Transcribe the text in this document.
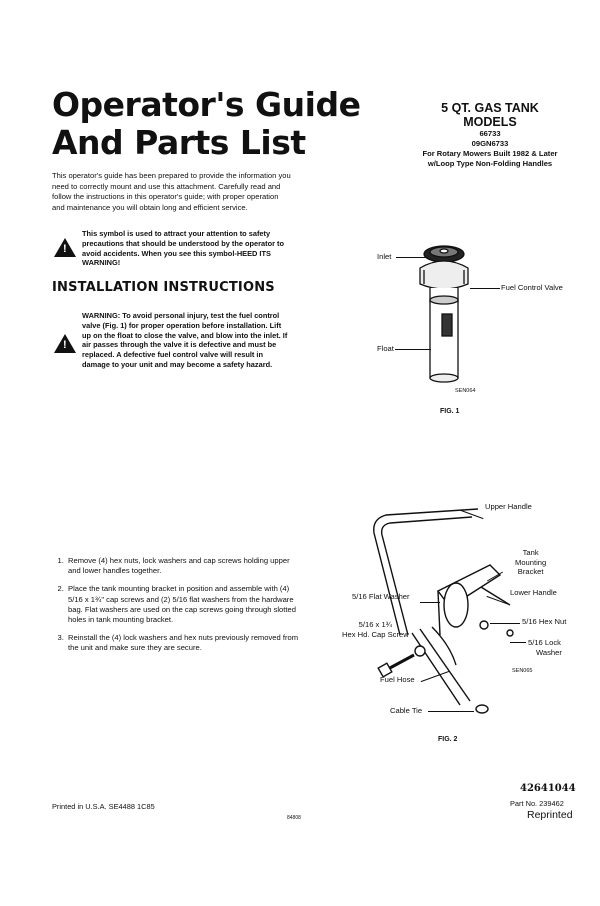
Operator's Guide
And Parts List
This operator's guide has been prepared to provide the information you need to correctly mount and use this attachment. Carefully read and follow the instructions in this operator's guide; with proper operation and maintenance you will obtain long and efficient service.
!
This symbol is used to attract your attention to safety precautions that should be understood by the operator to avoid accidents. When you see this symbol-HEED ITS WARNING!
INSTALLATION INSTRUCTIONS
!
WARNING: To avoid personal injury, test the fuel control valve (Fig. 1) for proper operation before installation. Lift up on the float to close the valve, and blow into the inlet. If air passes through the valve it is defective and must be replaced. A defective fuel control valve will result in damage to your unit and may become a safety hazard.
5 QT. GAS TANK
MODELS
66733
09GN6733
For Rotary Mowers Built 1982 & Later
w/Loop Type Non-Folding Handles
Inlet
Fuel Control Valve
Float
SEN064
FIG. 1
1. Remove (4) hex nuts, lock washers and cap screws holding upper and lower handles together.
2. Place the tank mounting bracket in position and assemble with (4) 5/16 x 1¾" cap screws and (2) 5/16 flat washers from the hardware bag. Flat washers are used on the cap screws going through slotted holes in tank mounting bracket.
3. Reinstall the (4) lock washers and hex nuts previously removed from the unit and make sure they are secure.
Upper Handle
Tank
Mounting
Bracket
5/16 Flat Washer	Lower Handle
5/16 Hex Nut
5/16 x 1¾
Hex Hd. Cap Screw
5/16 Lock
Washer
Fuel Hose
SEN065
Cable Tie
FIG. 2
Printed in U.S.A. SE4488 1C85
42641044
Part No. 239462
Reprinted
84808
